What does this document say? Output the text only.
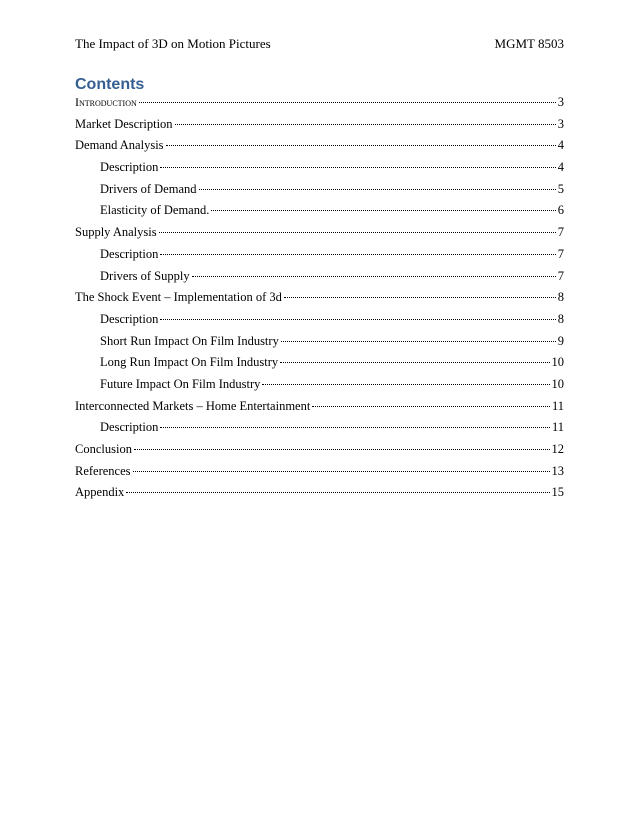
The Impact of 3D on Motion Pictures	MGMT 8503
Contents
Introduction	3
Market Description	3
Demand Analysis	4
Description	4
Drivers of Demand	5
Elasticity of Demand.	6
Supply Analysis	7
Description	7
Drivers of Supply	7
The Shock Event – Implementation of 3d	8
Description	8
Short Run Impact On Film Industry	9
Long Run Impact On Film Industry	10
Future Impact On Film Industry	10
Interconnected Markets – Home Entertainment	11
Description	11
Conclusion	12
References	13
Appendix	15
